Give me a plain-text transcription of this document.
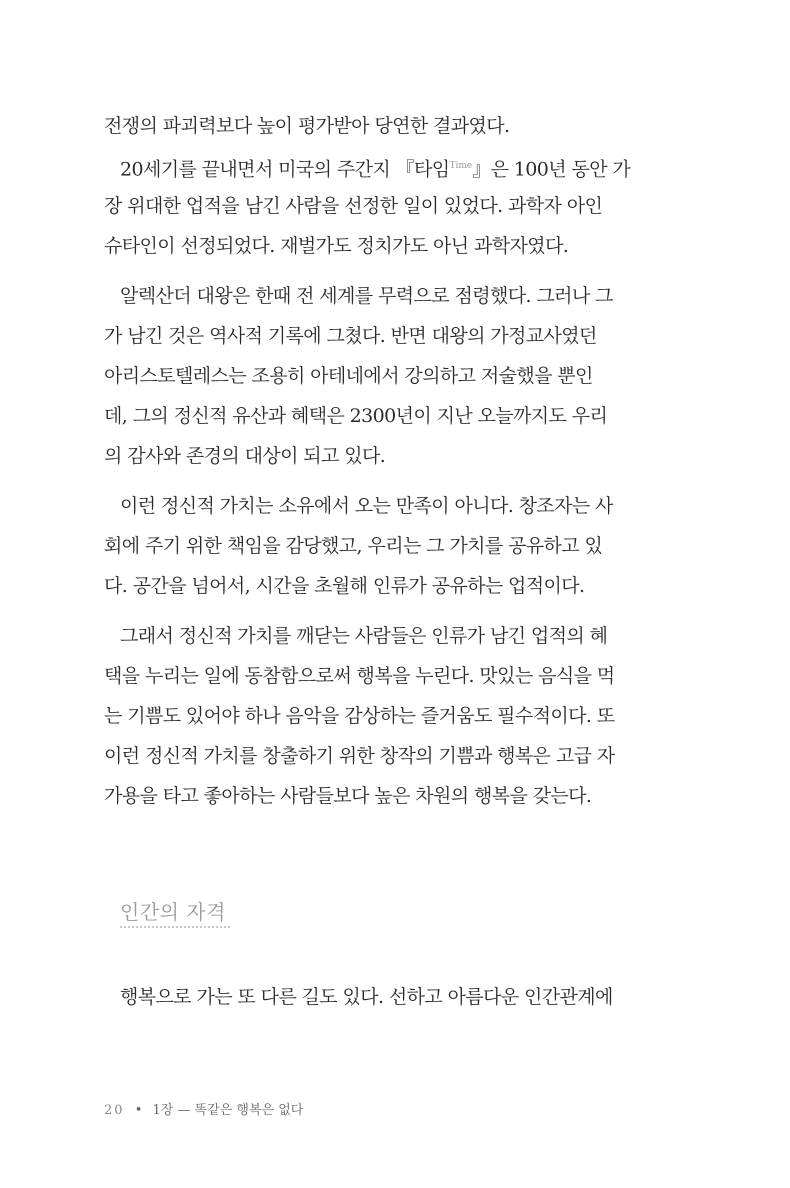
전쟁의 파괴력보다 높이 평가받아 당연한 결과였다.
20세기를 끝내면서 미국의 주간지 『타임$^{Time}$』은 100년 동안 가
장 위대한 업적을 남긴 사람을 선정한 일이 있었다. 과학자 아인
슈타인이 선정되었다. 재벌가도 정치가도 아닌 과학자였다.
알렉산더 대왕은 한때 전 세계를 무력으로 점령했다. 그러나 그
가 남긴 것은 역사적 기록에 그쳤다. 반면 대왕의 가정교사였던
아리스토텔레스는 조용히 아테네에서 강의하고 저술했을 뿐인
데, 그의 정신적 유산과 혜택은 2300년이 지난 오늘까지도 우리
의 감사와 존경의 대상이 되고 있다.
이런 정신적 가치는 소유에서 오는 만족이 아니다. 창조자는 사
회에 주기 위한 책임을 감당했고, 우리는 그 가치를 공유하고 있
다. 공간을 넘어서, 시간을 초월해 인류가 공유하는 업적이다.
그래서 정신적 가치를 깨닫는 사람들은 인류가 남긴 업적의 혜
택을 누리는 일에 동참함으로써 행복을 누린다. 맛있는 음식을 먹
는 기쁨도 있어야 하나 음악을 감상하는 즐거움도 필수적이다. 또
이런 정신적 가치를 창출하기 위한 창작의 기쁨과 행복은 고급 자
가용을 타고 좋아하는 사람들보다 높은 차원의 행복을 갖는다.
인간의 자격
행복으로 가는 또 다른 길도 있다. 선하고 아름다운 인간관계에
20 • 1장 — 똑같은 행복은 없다
